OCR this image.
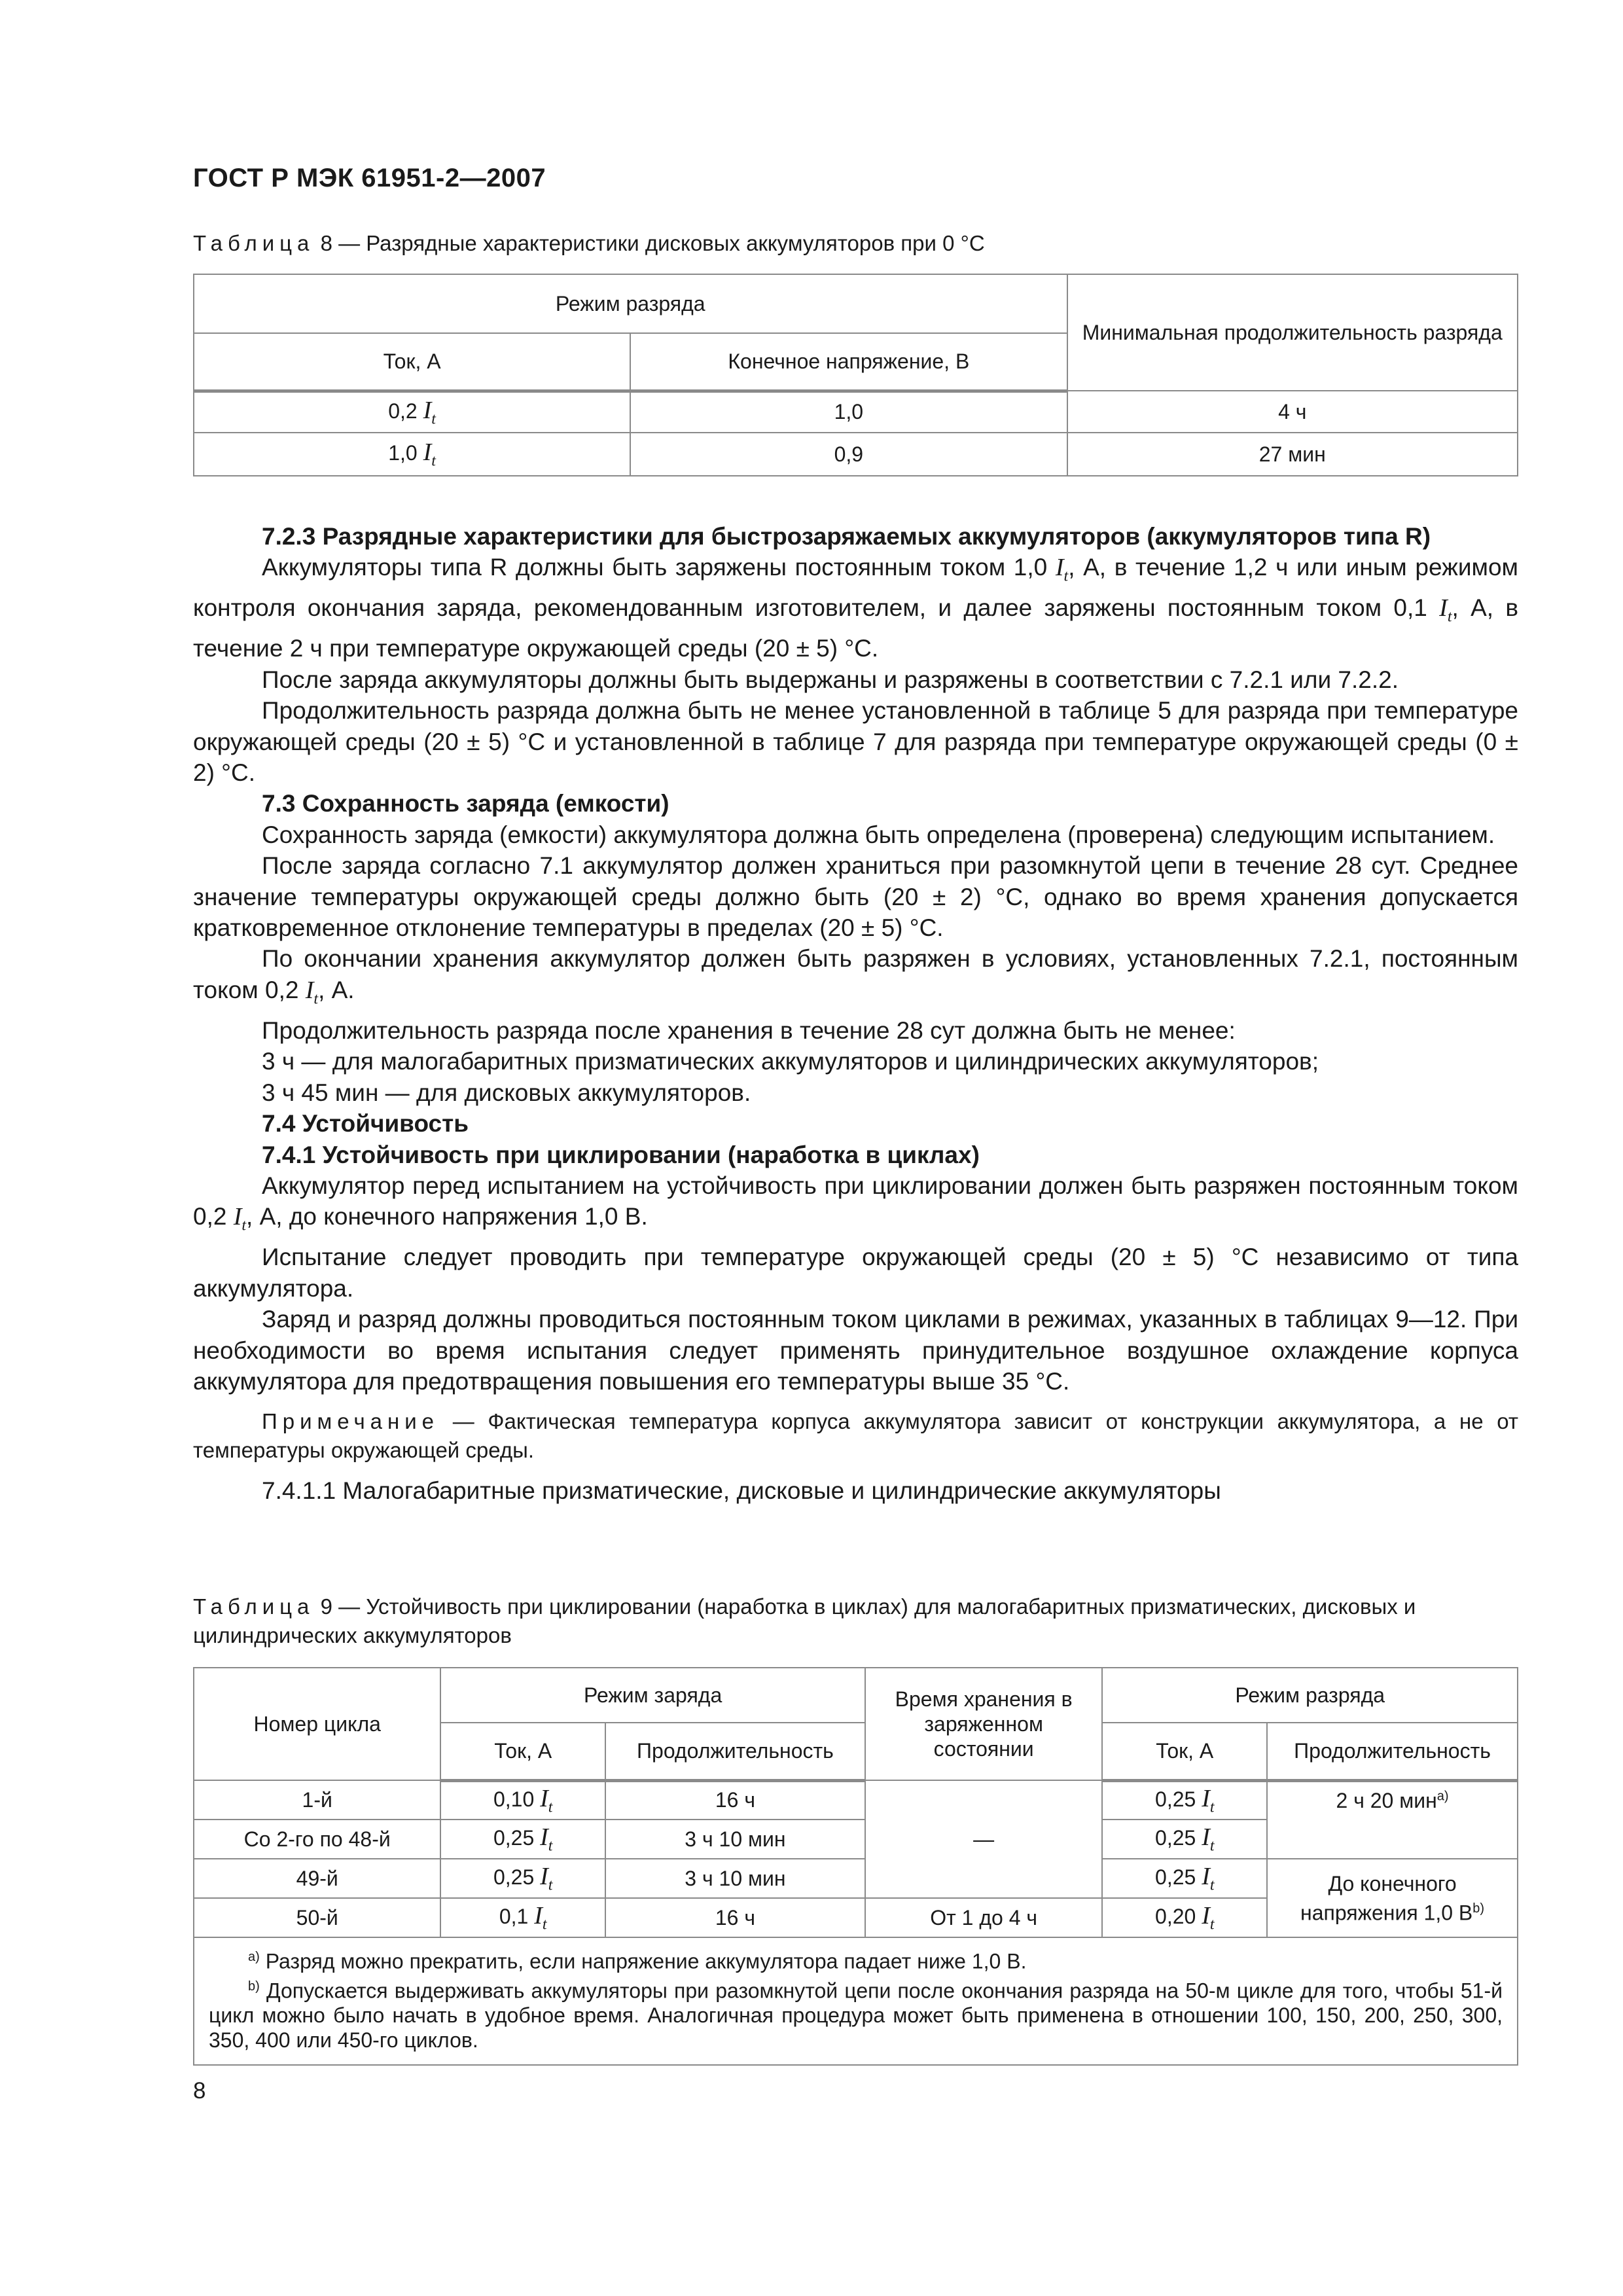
ГОСТ Р МЭК 61951-2—2007
Таблица 8 — Разрядные характеристики дисковых аккумуляторов при 0 °С
Режим разряда		Минимальная продолжительность разряда
Ток, А	Конечное напряжение, В	
0,2 $I_t$	1,0	4 ч
1,0 $I_t$	0,9	27 мин

7.2.3 Разрядные характеристики для быстрозаряжаемых аккумуляторов (аккумуляторов типа R)

Аккумуляторы типа R должны быть заряжены постоянным током 1,0 $I_t$, А, в течение 1,2 ч или иным режимом контроля окончания заряда, рекомендованным изготовителем, и далее заряжены постоянным током 0,1 $I_t$, А, в течение 2 ч при температуре окружающей среды (20 ± 5) °С.

После заряда аккумуляторы должны быть выдержаны и разряжены в соответствии с 7.2.1 или 7.2.2.

Продолжительность разряда должна быть не менее установленной в таблице 5 для разряда при температуре окружающей среды (20 ± 5) °С и установленной в таблице 7 для разряда при температуре окружающей среды (0 ± 2) °С.

7.3 Сохранность заряда (емкости)

Сохранность заряда (емкости) аккумулятора должна быть определена (проверена) следующим испытанием.

После заряда согласно 7.1 аккумулятор должен храниться при разомкнутой цепи в течение 28 сут. Среднее значение температуры окружающей среды должно быть (20 ± 2) °С, однако во время хранения допускается кратковременное отклонение температуры в пределах (20 ± 5) °С.

По окончании хранения аккумулятор должен быть разряжен в условиях, установленных 7.2.1, постоянным током 0,2 $I_t$, А.

Продолжительность разряда после хранения в течение 28 сут должна быть не менее:

3 ч — для малогабаритных призматических аккумуляторов и цилиндрических аккумуляторов;

3 ч 45 мин — для дисковых аккумуляторов.

7.4 Устойчивость

7.4.1 Устойчивость при циклировании (наработка в циклах)

Аккумулятор перед испытанием на устойчивость при циклировании должен быть разряжен постоянным током 0,2 $I_t$, А, до конечного напряжения 1,0 В.

Испытание следует проводить при температуре окружающей среды (20 ± 5) °С независимо от типа аккумулятора.

Заряд и разряд должны проводиться постоянным током циклами в режимах, указанных в таблицах 9—12. При необходимости во время испытания следует применять принудительное воздушное охлаждение корпуса аккумулятора для предотвращения повышения его температуры выше 35 °С.

Примечание — Фактическая температура корпуса аккумулятора зависит от конструкции аккумулятора, а не от температуры окружающей среды.

7.4.1.1 Малогабаритные призматические, дисковые и цилиндрические аккумуляторы

Таблица 9 — Устойчивость при циклировании (наработка в циклах) для малогабаритных призматических, дисковых и цилиндрических аккумуляторов
Номер цикла	Режим заряда		Время хранения в заряженном состоянии	Режим разряда	
	Ток, А	Продолжительность		Ток, А	Продолжительность
1-й	0,10 $I_t$	16 ч	—	0,25 $I_t$	2 ч 20 мин$^{a)}$
Со 2-го по 48-й	0,25 $I_t$	3 ч 10 мин		0,25 $I_t$
49-й	0,25 $I_t$	3 ч 10 мин		0,25 $I_t$	До конечного напряжения 1,0 $В^{b)}$
50-й	0,1 $I_t$	16 ч	От 1 до 4 ч	0,20 $I_t$

$^{a)}$ Разряд можно прекратить, если напряжение аккумулятора падает ниже 1,0 В.
$^{b)}$ Допускается выдерживать аккумуляторы при разомкнутой цепи после окончания разряда на 50-м цикле для того, чтобы 51-й цикл можно было начать в удобное время. Аналогичная процедура может быть применена в отношении 100, 150, 200, 250, 300, 350, 400 или 450-го циклов.					
8
